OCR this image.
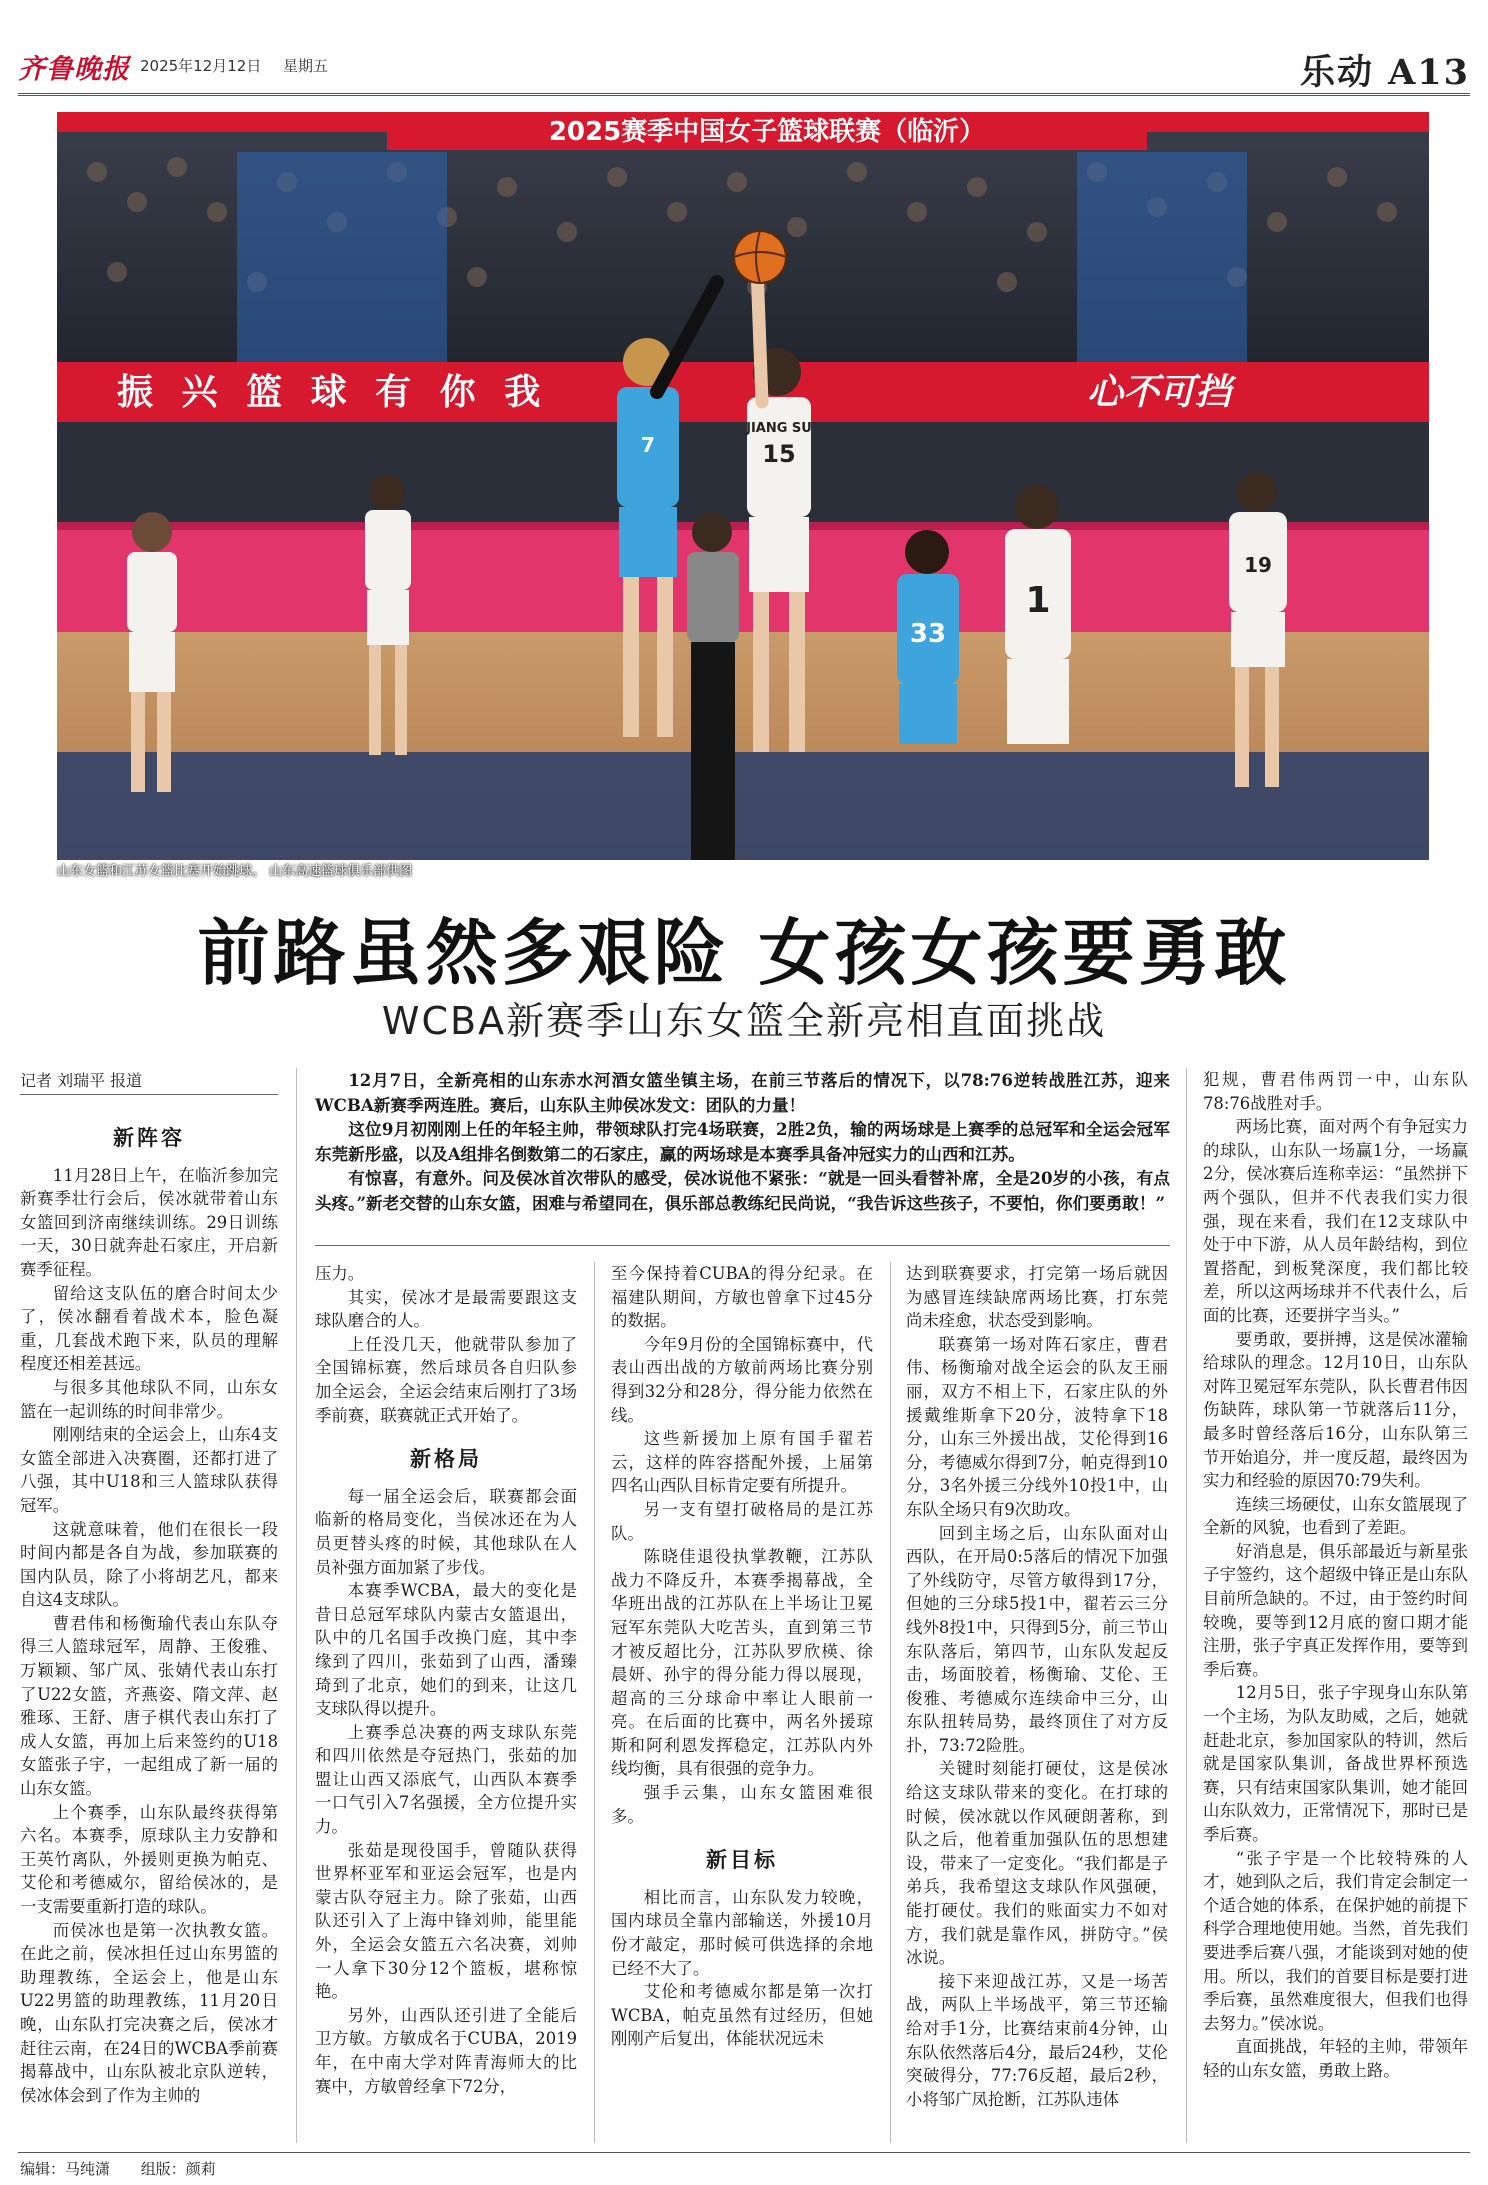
齐鲁晚报 2025年12月12日 星期五	乐动 A13
2025赛季中国女子篮球联赛（临沂）
振 兴 篮 球 有 你 我	心不可挡
7
JIANG SU
15
33
1
19
山东女篮和江苏女篮比赛开始跳球。 山东高速篮球俱乐部供图
前路虽然多艰险 女孩女孩要勇敢
WCBA新赛季山东女篮全新亮相直面挑战
记者 刘瑞平 报道
新阵容

11月28日上午，在临沂参加完新赛季壮行会后，侯冰就带着山东女篮回到济南继续训练。29日训练一天，30日就奔赴石家庄，开启新赛季征程。

留给这支队伍的磨合时间太少了，侯冰翻看着战术本，脸色凝重，几套战术跑下来，队员的理解程度还相差甚远。

与很多其他球队不同，山东女篮在一起训练的时间非常少。

刚刚结束的全运会上，山东4支女篮全部进入决赛圈，还都打进了八强，其中U18和三人篮球队获得冠军。

这就意味着，他们在很长一段时间内都是各自为战，参加联赛的国内队员，除了小将胡艺凡，都来自这4支球队。

曹君伟和杨衡瑜代表山东队夺得三人篮球冠军，周静、王俊雅、万颖颖、邹广凤、张婧代表山东打了U22女篮，齐燕姿、隋文萍、赵雅琢、王舒、唐子棋代表山东打了成人女篮，再加上后来签约的U18女篮张子宇，一起组成了新一届的山东女篮。

上个赛季，山东队最终获得第六名。本赛季，原球队主力安静和王英竹离队，外援则更换为帕克、艾伦和考德威尔，留给侯冰的，是一支需要重新打造的球队。

而侯冰也是第一次执教女篮。在此之前，侯冰担任过山东男篮的助理教练，全运会上，他是山东U22男篮的助理教练，11月20日晚，山东队打完决赛之后，侯冰才赶往云南，在24日的WCBA季前赛揭幕战中，山东队被北京队逆转，侯冰体会到了作为主帅的

12月7日，全新亮相的山东赤水河酒女篮坐镇主场，在前三节落后的情况下，以78:76逆转战胜江苏，迎来WCBA新赛季两连胜。赛后，山东队主帅侯冰发文：团队的力量！

这位9月初刚刚上任的年轻主帅，带领球队打完4场联赛，2胜2负，输的两场球是上赛季的总冠军和全运会冠军东莞新彤盛，以及A组排名倒数第二的石家庄，赢的两场球是本赛季具备冲冠实力的山西和江苏。

有惊喜，有意外。问及侯冰首次带队的感受，侯冰说他不紧张：“就是一回头看替补席，全是20岁的小孩，有点头疼。”新老交替的山东女篮，困难与希望同在，俱乐部总教练纪民尚说，“我告诉这些孩子，不要怕，你们要勇敢！”

压力。

其实，侯冰才是最需要跟这支球队磨合的人。

上任没几天，他就带队参加了全国锦标赛，然后球员各自归队参加全运会，全运会结束后刚打了3场季前赛，联赛就正式开始了。

新格局

每一届全运会后，联赛都会面临新的格局变化，当侯冰还在为人员更替头疼的时候，其他球队在人员补强方面加紧了步伐。

本赛季WCBA，最大的变化是昔日总冠军球队内蒙古女篮退出，队中的几名国手改换门庭，其中李缘到了四川，张茹到了山西，潘臻琦到了北京，她们的到来，让这几支球队得以提升。

上赛季总决赛的两支球队东莞和四川依然是夺冠热门，张茹的加盟让山西又添底气，山西队本赛季一口气引入7名强援，全方位提升实力。

张茹是现役国手，曾随队获得世界杯亚军和亚运会冠军，也是内蒙古队夺冠主力。除了张茹，山西队还引入了上海中锋刘帅，能里能外，全运会女篮五六名决赛，刘帅一人拿下30分12个篮板，堪称惊艳。

另外，山西队还引进了全能后卫方敏。方敏成名于CUBA，2019年，在中南大学对阵青海师大的比赛中，方敏曾经拿下72分，

至今保持着CUBA的得分纪录。在福建队期间，方敏也曾拿下过45分的数据。

今年9月份的全国锦标赛中，代表山西出战的方敏前两场比赛分别得到32分和28分，得分能力依然在线。

这些新援加上原有国手翟若云，这样的阵容搭配外援，上届第四名山西队目标肯定要有所提升。

另一支有望打破格局的是江苏队。

陈晓佳退役执掌教鞭，江苏队战力不降反升，本赛季揭幕战，全华班出战的江苏队在上半场让卫冕冠军东莞队大吃苦头，直到第三节才被反超比分，江苏队罗欣楧、徐晨妍、孙宇的得分能力得以展现，超高的三分球命中率让人眼前一亮。在后面的比赛中，两名外援琼斯和阿利恩发挥稳定，江苏队内外线均衡，具有很强的竞争力。

强手云集，山东女篮困难很多。

新目标

相比而言，山东队发力较晚，国内球员全靠内部输送，外援10月份才敲定，那时候可供选择的余地已经不大了。

艾伦和考德威尔都是第一次打WCBA，帕克虽然有过经历，但她刚刚产后复出，体能状况远未

达到联赛要求，打完第一场后就因为感冒连续缺席两场比赛，打东莞尚未痊愈，状态受到影响。

联赛第一场对阵石家庄，曹君伟、杨衡瑜对战全运会的队友王丽丽，双方不相上下，石家庄队的外援戴维斯拿下20分，波特拿下18分，山东三外援出战，艾伦得到16分，考德威尔得到7分，帕克得到10分，3名外援三分线外10投1中，山东队全场只有9次助攻。

回到主场之后，山东队面对山西队，在开局0:5落后的情况下加强了外线防守，尽管方敏得到17分，但她的三分球5投1中，翟若云三分线外8投1中，只得到5分，前三节山东队落后，第四节，山东队发起反击，场面胶着，杨衡瑜、艾伦、王俊雅、考德威尔连续命中三分，山东队扭转局势，最终顶住了对方反扑，73:72险胜。

关键时刻能打硬仗，这是侯冰给这支球队带来的变化。在打球的时候，侯冰就以作风硬朗著称，到队之后，他着重加强队伍的思想建设，带来了一定变化。“我们都是子弟兵，我希望这支球队作风强硬，能打硬仗。我们的账面实力不如对方，我们就是靠作风，拼防守。”侯冰说。

接下来迎战江苏，又是一场苦战，两队上半场战平，第三节还输给对手1分，比赛结束前4分钟，山东队依然落后4分，最后24秒，艾伦突破得分，77:76反超，最后2秒，小将邹广凤抢断，江苏队违体

犯规，曹君伟两罚一中，山东队78:76战胜对手。

两场比赛，面对两个有争冠实力的球队，山东队一场赢1分，一场赢2分，侯冰赛后连称幸运：“虽然拼下两个强队，但并不代表我们实力很强，现在来看，我们在12支球队中处于中下游，从人员年龄结构，到位置搭配，到板凳深度，我们都比较差，所以这两场球并不代表什么，后面的比赛，还要拼字当头。”

要勇敢，要拼搏，这是侯冰灌输给球队的理念。12月10日，山东队对阵卫冕冠军东莞队，队长曹君伟因伤缺阵，球队第一节就落后11分，最多时曾经落后16分，山东队第三节开始追分，并一度反超，最终因为实力和经验的原因70:79失利。

连续三场硬仗，山东女篮展现了全新的风貌，也看到了差距。

好消息是，俱乐部最近与新星张子宇签约，这个超级中锋正是山东队目前所急缺的。不过，由于签约时间较晚，要等到12月底的窗口期才能注册，张子宇真正发挥作用，要等到季后赛。

12月5日，张子宇现身山东队第一个主场，为队友助威，之后，她就赶赴北京，参加国家队的特训，然后就是国家队集训，备战世界杯预选赛，只有结束国家队集训，她才能回山东队效力，正常情况下，那时已是季后赛。

“张子宇是一个比较特殊的人才，她到队之后，我们肯定会制定一个适合她的体系，在保护她的前提下科学合理地使用她。当然，首先我们要进季后赛八强，才能谈到对她的使用。所以，我们的首要目标是要打进季后赛，虽然难度很大，但我们也得去努力。”侯冰说。

直面挑战，年轻的主帅，带领年轻的山东女篮，勇敢上路。

编辑：马纯潇 组版：颜莉
